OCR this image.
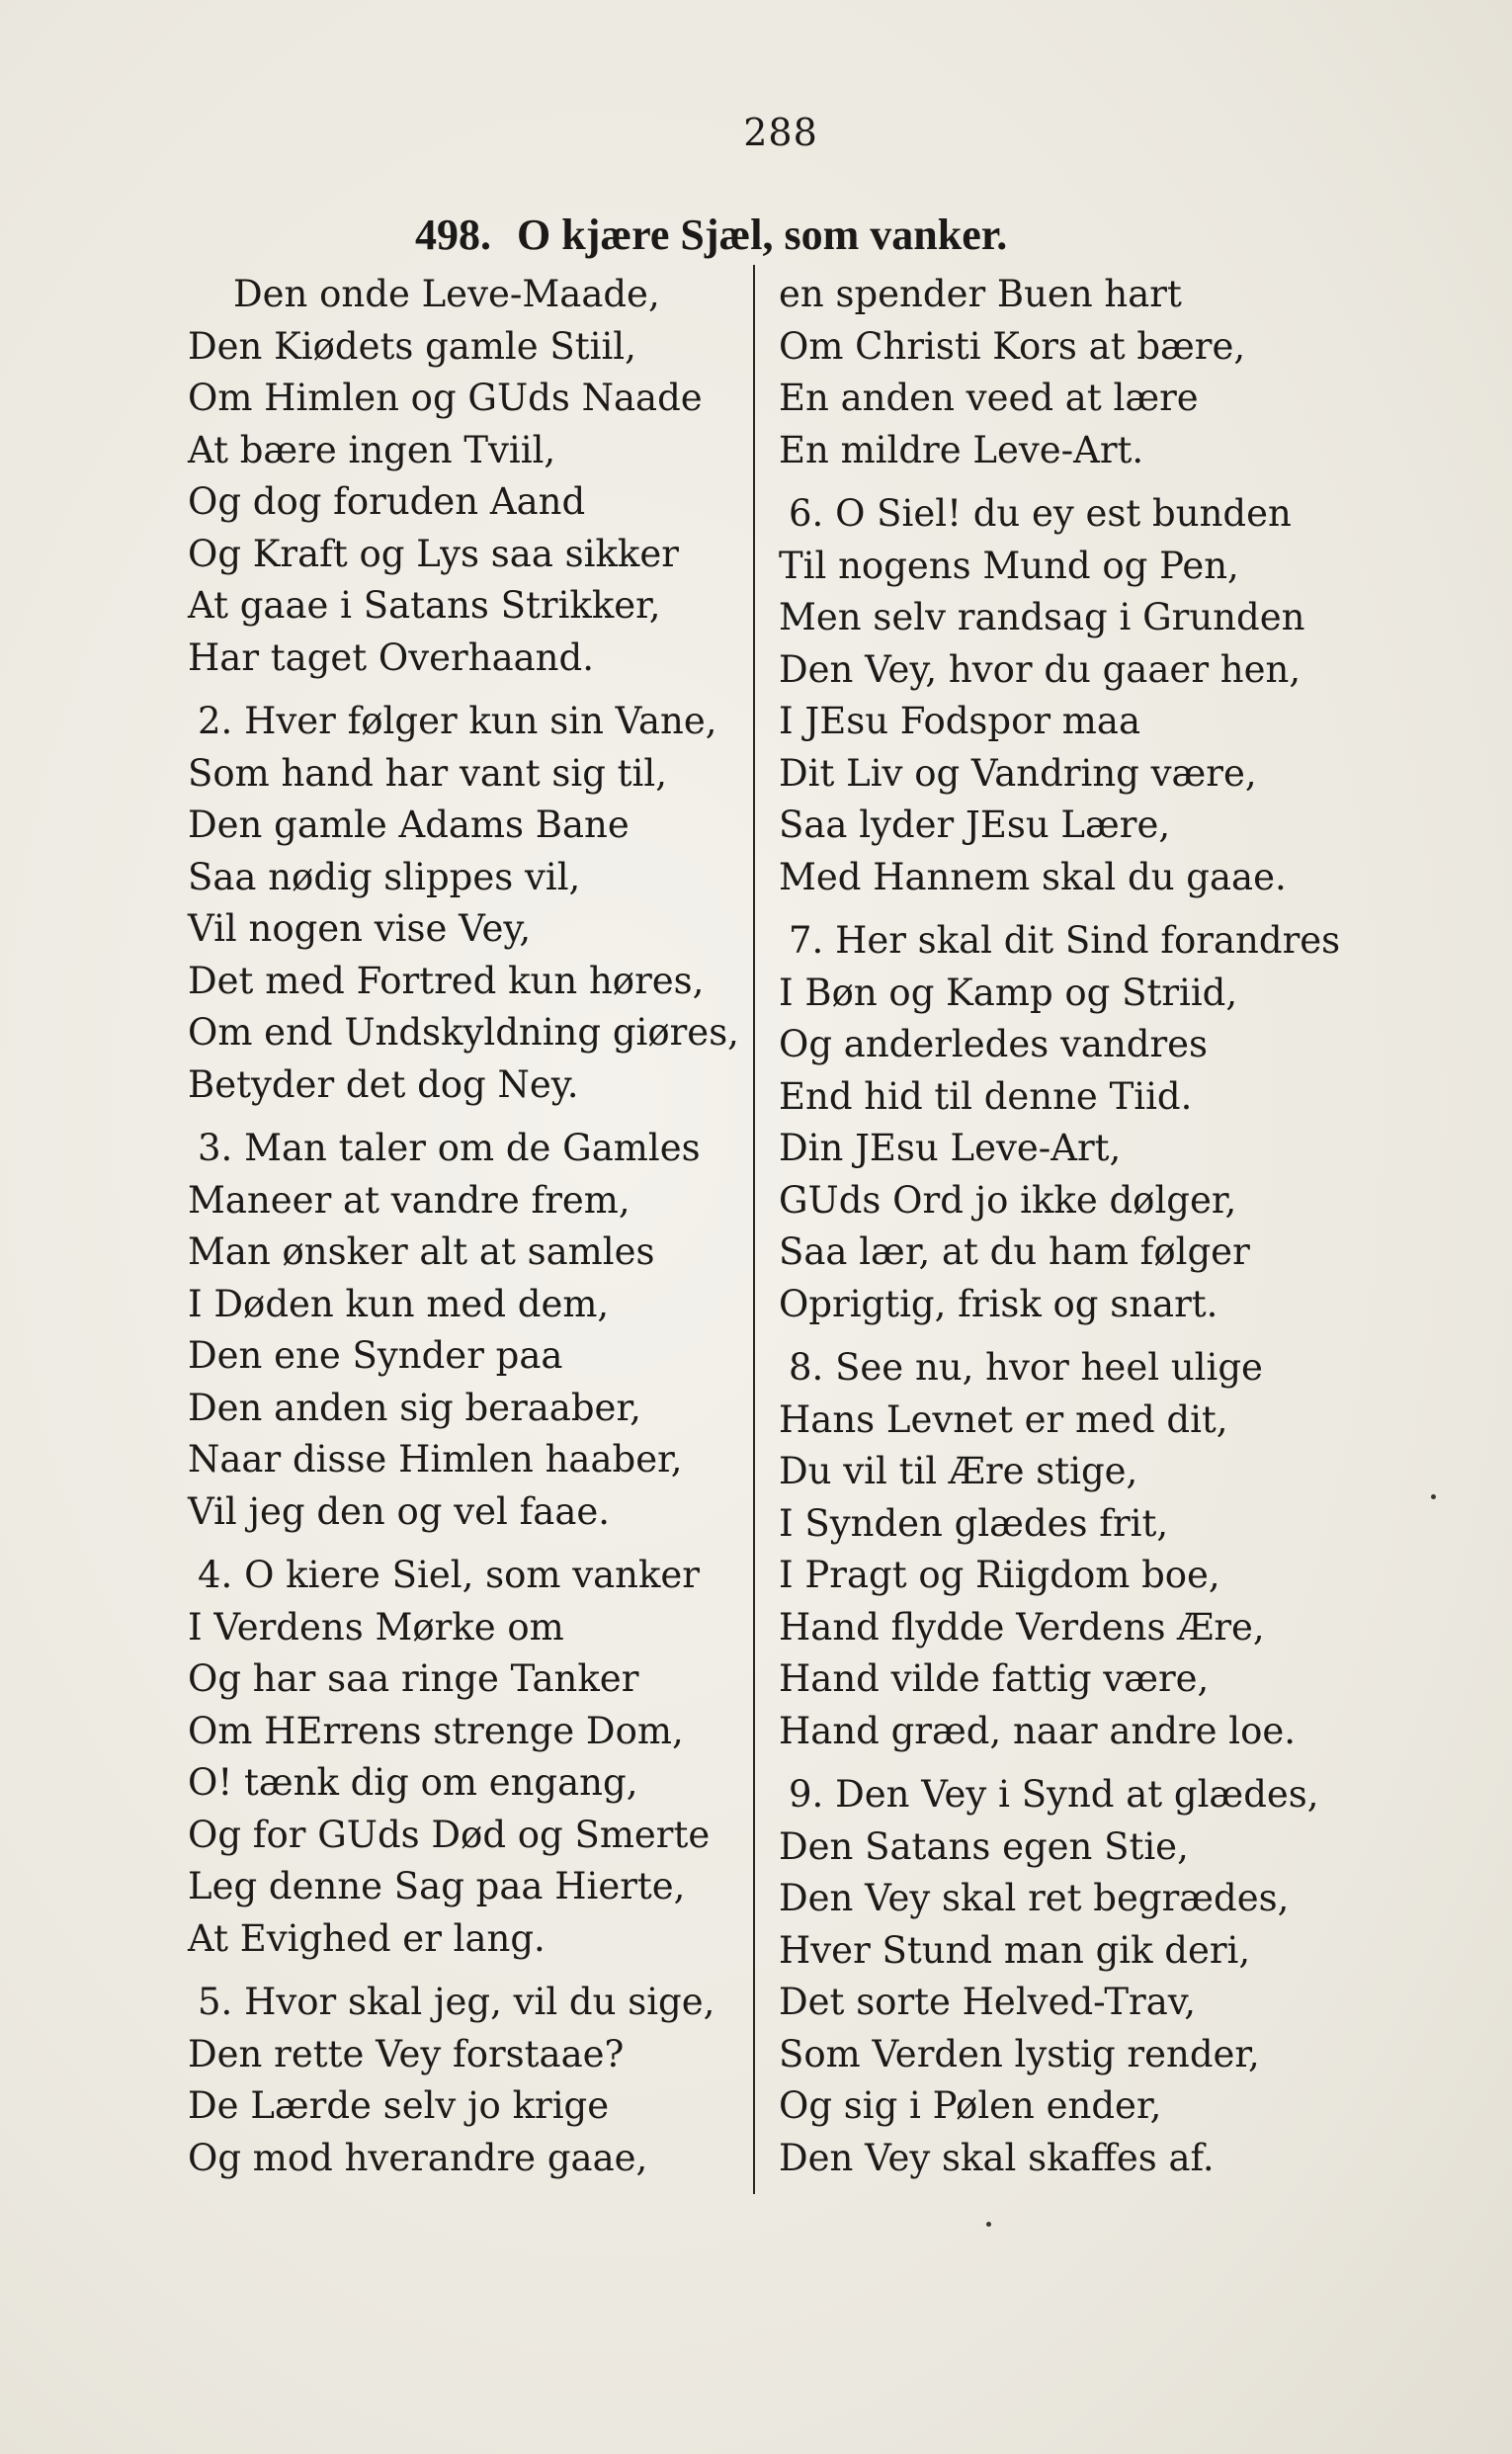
288
498. O kjære Sjæl, som vanker.
Den onde Leve-Maade,
Den Kiødets gamle Stiil,
Om Himlen og GUds Naade
At bære ingen Tviil,
Og dog foruden Aand
Og Kraft og Lys saa sikker
At gaae i Satans Strikker,
Har taget Overhaand.
2. Hver følger kun sin Vane,
Som hand har vant sig til,
Den gamle Adams Bane
Saa nødig slippes vil,
Vil nogen vise Vey,
Det med Fortred kun høres,
Om end Undskyldning giøres,
Betyder det dog Ney.
3. Man taler om de Gamles
Maneer at vandre frem,
Man ønsker alt at samles
I Døden kun med dem,
Den ene Synder paa
Den anden sig beraaber,
Naar disse Himlen haaber,
Vil jeg den og vel faae.
4. O kiere Siel, som vanker
I Verdens Mørke om
Og har saa ringe Tanker
Om HErrens strenge Dom,
O! tænk dig om engang,
Og for GUds Død og Smerte
Leg denne Sag paa Hierte,
At Evighed er lang.
5. Hvor skal jeg, vil du sige,
Den rette Vey forstaae?
De Lærde selv jo krige
Og mod hverandre gaae,
en spender Buen hart
Om Christi Kors at bære,
En anden veed at lære
En mildre Leve-Art.
6. O Siel! du ey est bunden
Til nogens Mund og Pen,
Men selv randsag i Grunden
Den Vey, hvor du gaaer hen,
I JEsu Fodspor maa
Dit Liv og Vandring være,
Saa lyder JEsu Lære,
Med Hannem skal du gaae.
7. Her skal dit Sind forandres
I Bøn og Kamp og Striid,
Og anderledes vandres
End hid til denne Tiid.
Din JEsu Leve-Art,
GUds Ord jo ikke dølger,
Saa lær, at du ham følger
Oprigtig, frisk og snart.
8. See nu, hvor heel ulige
Hans Levnet er med dit,
Du vil til Ære stige,
I Synden glædes frit,
I Pragt og Riigdom boe,
Hand flydde Verdens Ære,
Hand vilde fattig være,
Hand græd, naar andre loe.
9. Den Vey i Synd at glædes,
Den Satans egen Stie,
Den Vey skal ret begrædes,
Hver Stund man gik deri,
Det sorte Helved-Trav,
Som Verden lystig render,
Og sig i Pølen ender,
Den Vey skal skaffes af.
